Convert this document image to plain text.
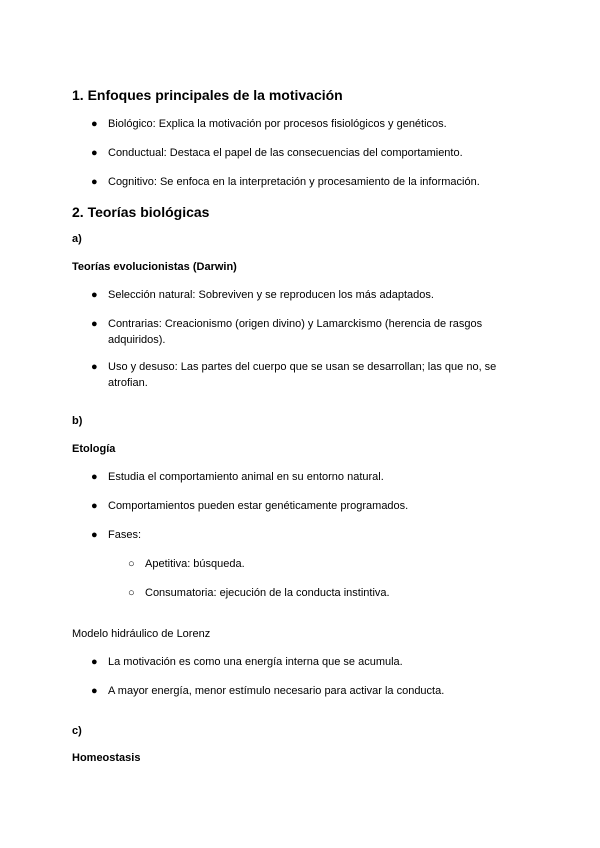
1. Enfoques principales de la motivación
● Biológico: Explica la motivación por procesos fisiológicos y genéticos.
● Conductual: Destaca el papel de las consecuencias del comportamiento.
● Cognitivo: Se enfoca en la interpretación y procesamiento de la información.
2. Teorías biológicas
a)
Teorías evolucionistas (Darwin)
● Selección natural: Sobreviven y se reproducen los más adaptados.
● Contrarias: Creacionismo (origen divino) y Lamarckismo (herencia de rasgos adquiridos).
● Uso y desuso: Las partes del cuerpo que se usan se desarrollan; las que no, se atrofian.
b)
Etología
● Estudia el comportamiento animal en su entorno natural.
● Comportamientos pueden estar genéticamente programados.
● Fases:
○ Apetitiva: búsqueda.
○ Consumatoria: ejecución de la conducta instintiva.
Modelo hidráulico de Lorenz
● La motivación es como una energía interna que se acumula.
● A mayor energía, menor estímulo necesario para activar la conducta.
c)
Homeostasis
